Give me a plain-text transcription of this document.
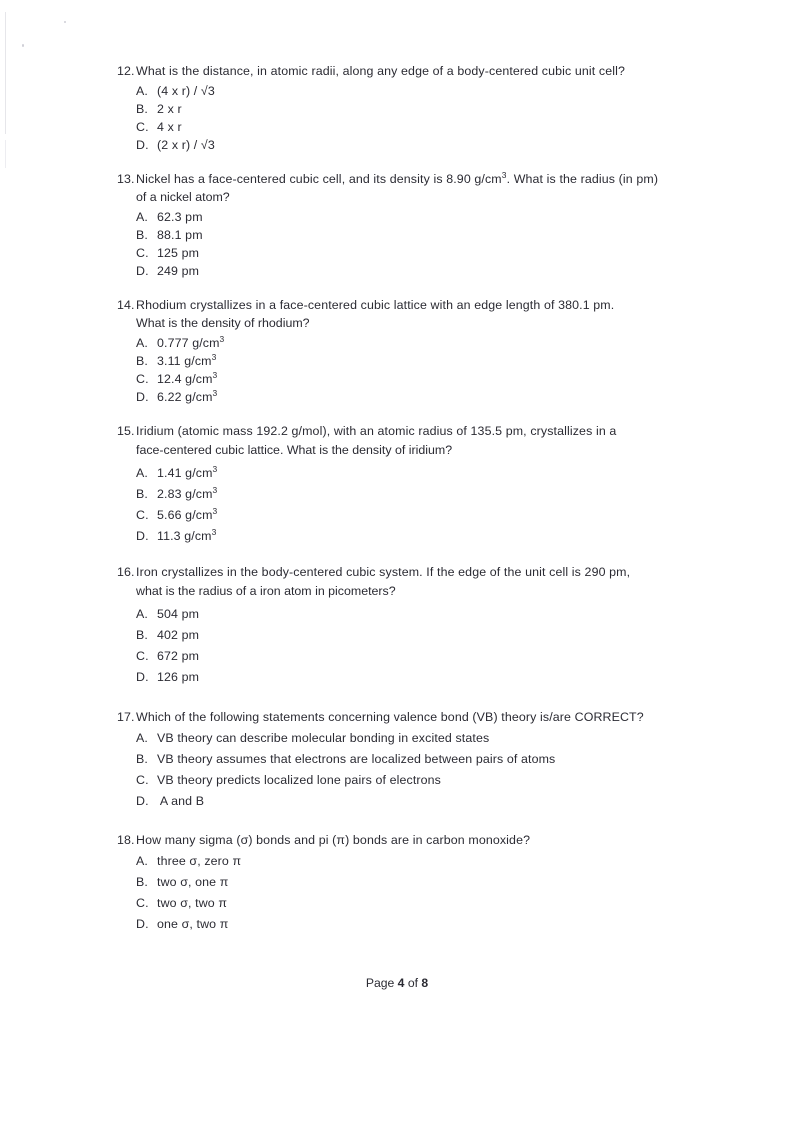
12. What is the distance, in atomic radii, along any edge of a body-centered cubic unit cell?
A. (4 x r) / √3
B. 2 x r
C. 4 x r
D. (2 x r) / √3
13. Nickel has a face-centered cubic cell, and its density is 8.90 $g/cm^3$. What is the radius (in pm)
of a nickel atom?
A. 62.3 pm
B. 88.1 pm
C. 125 pm
D. 249 pm
14. Rhodium crystallizes in a face-centered cubic lattice with an edge length of 380.1 pm.
What is the density of rhodium?
A. 0.777 $g/cm^3$
B. 3.11 $g/cm^3$
C. 12.4 $g/cm^3$
D. 6.22 $g/cm^3$
15. Iridium (atomic mass 192.2 g/mol), with an atomic radius of 135.5 pm, crystallizes in a
face-centered cubic lattice. What is the density of iridium?
A. 1.41 $g/cm^3$
B. 2.83 $g/cm^3$
C. 5.66 $g/cm^3$
D. 11.3 $g/cm^3$
16. Iron crystallizes in the body-centered cubic system. If the edge of the unit cell is 290 pm,
what is the radius of a iron atom in picometers?
A. 504 pm
B. 402 pm
C. 672 pm
D. 126 pm
17. Which of the following statements concerning valence bond (VB) theory is/are CORRECT?
A. VB theory can describe molecular bonding in excited states
B. VB theory assumes that electrons are localized between pairs of atoms
C. VB theory predicts localized lone pairs of electrons
D. A and B
18. How many sigma (σ) bonds and pi (π) bonds are in carbon monoxide?
A. three σ, zero π
B. two σ, one π
C. two σ, two π
D. one σ, two π
Page 4 of 8
